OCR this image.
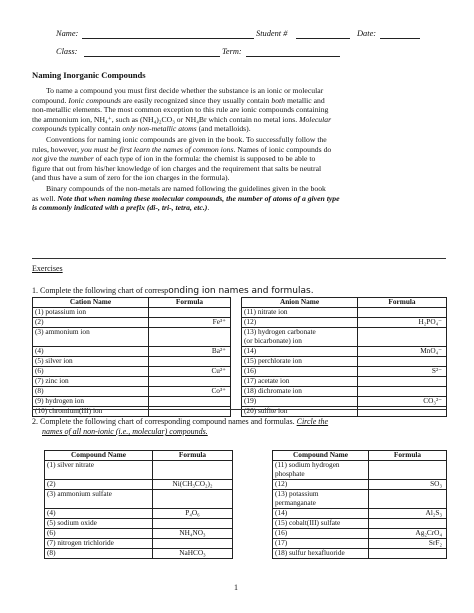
Name:	Student #	Date:
Class:	Term:
Naming Inorganic Compounds
To name a compound you must first decide whether the substance is an ionic or molecular
compound. Ionic compounds are easily recognized since they usually contain both metallic and
non-metallic elements. The most common exception to this rule are ionic compounds containing
the ammonium ion, NH₄⁺, such as (NH₄)₂CO₃ or NH₄Br which contain no metal ions. Molecular
compounds typically contain only non-metallic atoms (and metalloids).
Conventions for naming ionic compounds are given in the book. To successfully follow the
rules, however, you must be first learn the names of common ions. Names of ionic compounds do
not give the number of each type of ion in the formula: the chemist is supposed to be able to
figure that out from his/her knowledge of ion charges and the requirement that salts be neutral
(and thus have a sum of zero for the ion charges in the formula).
Binary compounds of the non-metals are named following the guidelines given in the book
as well. Note that when naming these molecular compounds, the number of atoms of a given type
is commonly indicated with a prefix (di-, tri-, tetra, etc.).
Exercises
1. Complete the following chart of corresponding ion names and formulas.
Cation Name	Formula		Anion Name	Formula
(1) potassium ion			(11) nitrate ion	
(2)	Fe³⁺		(12)	H₂PO₄⁻
(3) ammonium ion			(13) hydrogen carbonate
(or bicarbonate) ion	
(4)	Ba²⁺		(14)	MnO₄⁻
(5) silver ion			(15) perchlorate ion	
(6)	Cu²⁺		(16)	S²⁻
(7) zinc ion			(17) acetate ion	
(8)	Co³⁺		(18) dichromate ion	
(9) hydrogen ion			(19)	CO₃²⁻
(10) chromium(III) ion			(20) sulfite ion	
2. Complete the following chart of corresponding compound names and formulas. Circle the
names of all non-ionic (i.e., molecular) compounds.
Compound Name	Formula		Compound Name	Formula
(1) silver nitrate			(11) sodium hydrogen
phosphate	
(2)	Ni(CH₃CO₂)₂		(12)	SO₃
(3) ammonium sulfate			(13) potassium
permanganate	
(4)	P₄O₆		(14)	Al₂S₃
(5) sodium oxide			(15) cobalt(III) sulfate	
(6)	NH₄NO₃		(16)	Ag₂CrO₄
(7) nitrogen trichloride			(17)	SrF₂
(8)	NaHCO₃		(18) sulfur hexafluoride	
1
